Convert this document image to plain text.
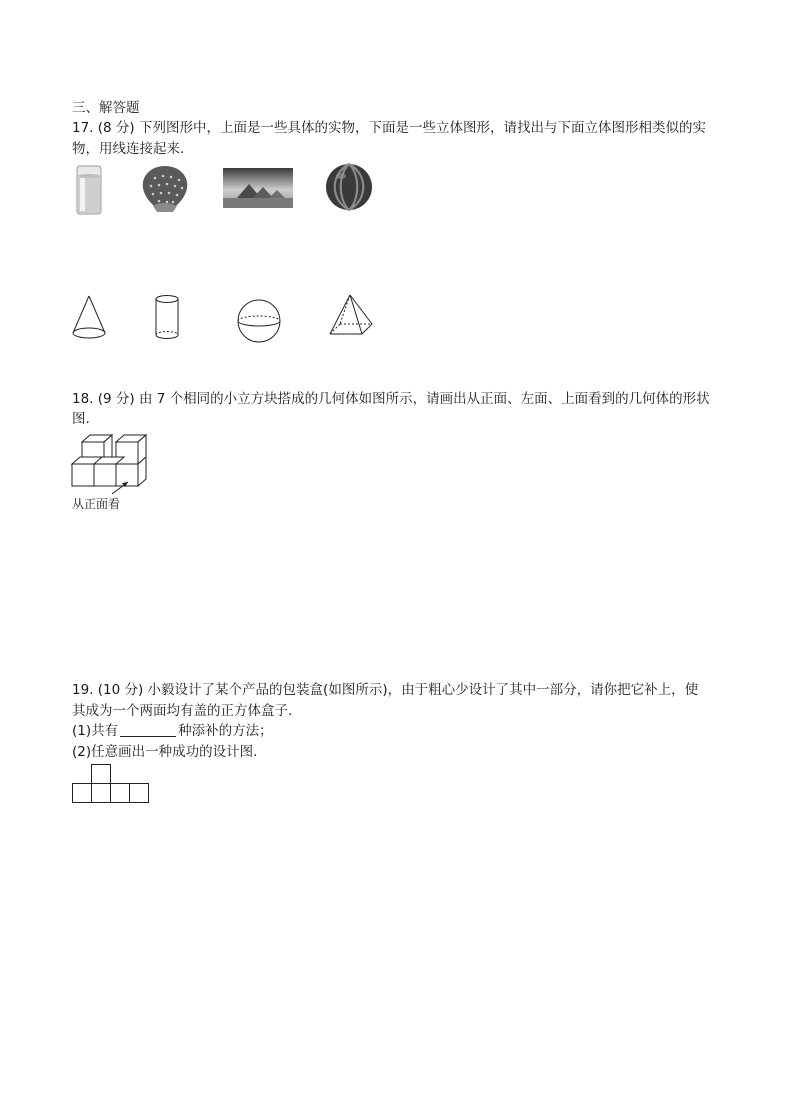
三、解答题
17. (8 分) 下列图形中，上面是一些具体的实物，下面是一些立体图形，请找出与下面立体图形相类似的实
物，用线连接起来.
18. (9 分) 由 7 个相同的小立方块搭成的几何体如图所示，请画出从正面、左面、上面看到的几何体的形状
图.
从正面看
19. (10 分) 小毅设计了某个产品的包装盒(如图所示)，由于粗心少设计了其中一部分，请你把它补上，使
其成为一个两面均有盖的正方体盒子.
(1)共有	种添补的方法；
(2)任意画出一种成功的设计图.
